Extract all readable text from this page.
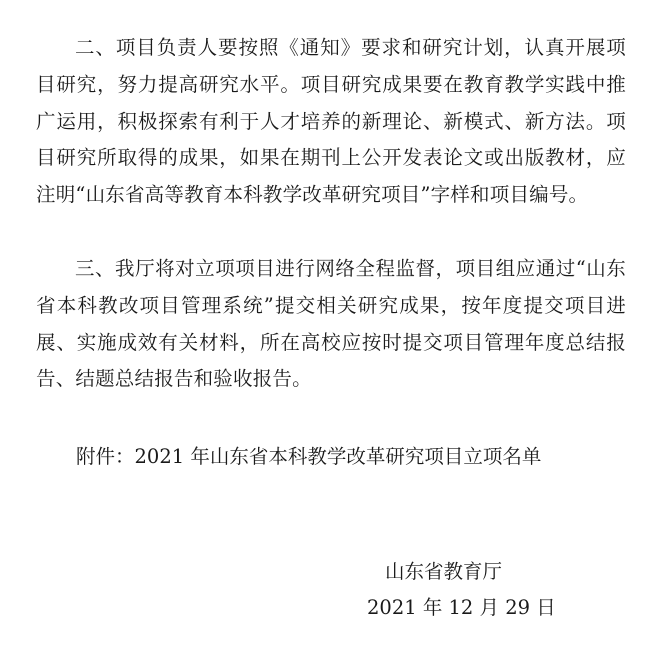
二、项目负责人要按照《通知》要求和研究计划，认真开展项目研究，努力提高研究水平。项目研究成果要在教育教学实践中推广运用，积极探索有利于人才培养的新理论、新模式、新方法。项目研究所取得的成果，如果在期刊上公开发表论文或出版教材，应注明“山东省高等教育本科教学改革研究项目”字样和项目编号。

三、我厅将对立项项目进行网络全程监督，项目组应通过“山东省本科教改项目管理系统”提交相关研究成果，按年度提交项目进展、实施成效有关材料，所在高校应按时提交项目管理年度总结报告、结题总结报告和验收报告。

附件：2021 年山东省本科教学改革研究项目立项名单

山东省教育厅

2021 年 12 月 29 日
